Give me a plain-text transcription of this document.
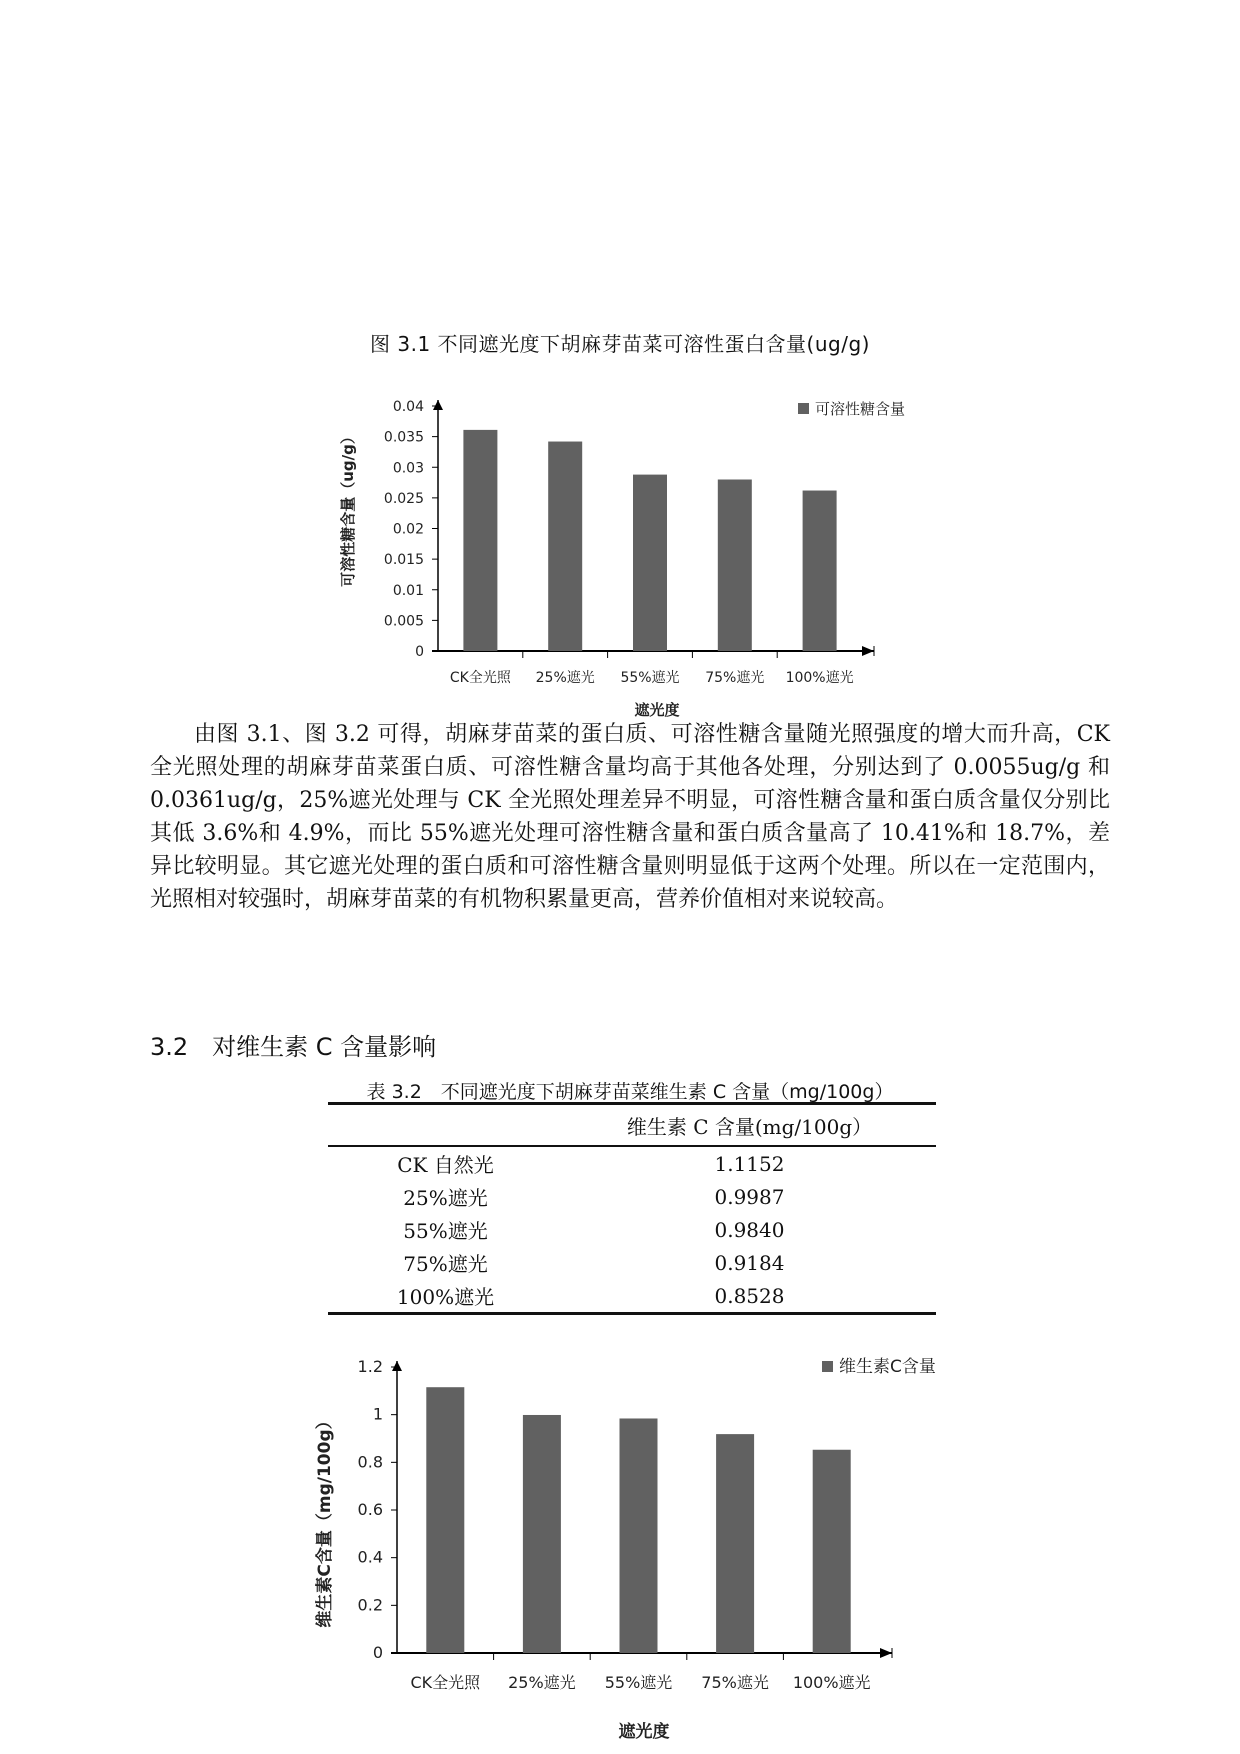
图 3.1 不同遮光度下胡麻芽苗菜可溶性蛋白含量(ug/g)
0
0.005
0.01
0.015
0.02
0.025
0.03
0.035
0.04
CK全光照 25%遮光 55%遮光 75%遮光 100%遮光
遮光度
可溶性糖含量（ug/g）
可溶性糖含量

由图 3.1、图 3.2 可得，胡麻芽苗菜的蛋白质、可溶性糖含量随光照强度的增大而升高，CK 全光照处理的胡麻芽苗菜蛋白质、可溶性糖含量均高于其他各处理，分别达到了 0.0055ug/g 和 0.0361ug/g，25%遮光处理与 CK 全光照处理差异不明显，可溶性糖含量和蛋白质含量仅分别比其低 3.6%和 4.9%，而比 55%遮光处理可溶性糖含量和蛋白质含量高了 10.41%和 18.7%，差异比较明显。其它遮光处理的蛋白质和可溶性糖含量则明显低于这两个处理。所以在一定范围内，光照相对较强时，胡麻芽苗菜的有机物积累量更高，营养价值相对来说较高。

3.2　对维生素 C 含量影响
表 3.2　不同遮光度下胡麻芽苗菜维生素 C 含量（mg/100g）
	维生素 C 含量(mg/100g）
CK 自然光	1.1152
25%遮光	0.9987
55%遮光	0.9840
75%遮光	0.9184
100%遮光	0.8528
0
0.2
0.4
0.6
0.8
1
1.2
CK全光照 25%遮光 55%遮光 75%遮光 100%遮光
遮光度
维生素C含量（mg/100g）
维生素C含量
